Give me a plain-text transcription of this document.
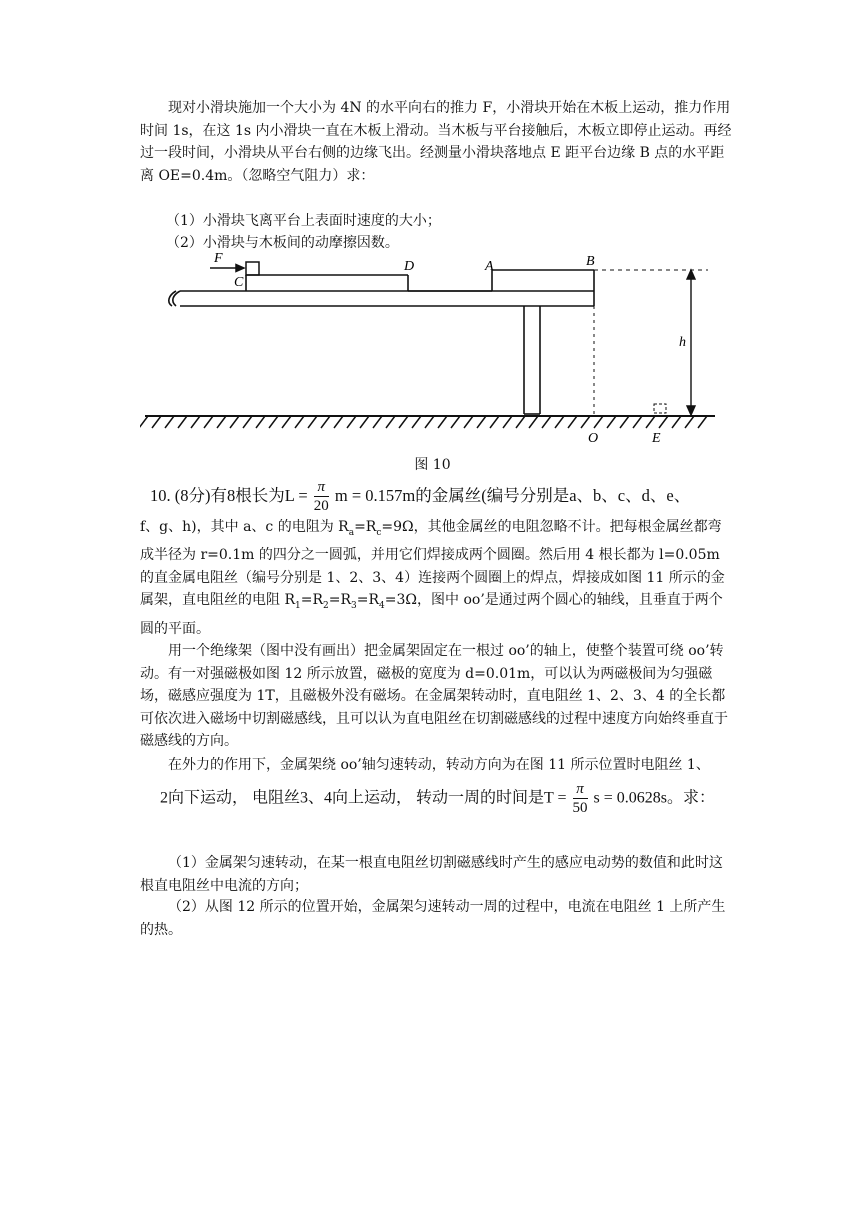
现对小滑块施加一个大小为 4N 的水平向右的推力 F，小滑块开始在木板上运动，推力作用时间 1s，在这 1s 内小滑块一直在木板上滑动。当木板与平台接触后，木板立即停止运动。再经过一段时间，小滑块从平台右侧的边缘飞出。经测量小滑块落地点 E 距平台边缘 B 点的水平距离 OE=0.4m。（忽略空气阻力）求：

（1）小滑块飞离平台上表面时速度的大小；

（2）小滑块与木板间的动摩擦因数。

F
C
D	A	B
h
O	E
图 10
10. (8分)有8根长为$L = \frac{\pi}{20}$ m = 0.157m的金属丝(编号分别是a、b、c、d、e、

f、g、h)，其中 a、c 的电阻为 $R_a=R_c=9\Omega$，其他金属丝的电阻忽略不计。把每根金属丝都弯成半径为 r=0.1m 的四分之一圆弧，并用它们焊接成两个圆圈。然后用 4 根长都为 l=0.05m 的直金属电阻丝（编号分别是 1、2、3、4）连接两个圆圈上的焊点，焊接成如图 11 所示的金属架，直电阻丝的电阻 $R_1=R_2=R_3=R_4=3\Omega$，图中 oo’是通过两个圆心的轴线，且垂直于两个圆的平面。

用一个绝缘架（图中没有画出）把金属架固定在一根过 oo’的轴上，使整个装置可绕 oo’转动。有一对强磁极如图 12 所示放置，磁极的宽度为 d=0.01m，可以认为两磁极间为匀强磁场，磁感应强度为 1T，且磁极外没有磁场。在金属架转动时，直电阻丝 1、2、3、4 的全长都可依次进入磁场中切割磁感线，且可以认为直电阻丝在切割磁感线的过程中速度方向始终垂直于磁感线的方向。

在外力的作用下，金属架绕 oo’轴匀速转动，转动方向为在图 11 所示位置时电阻丝 1、

2向下运动， 电阻丝3、4向上运动， 转动一周的时间是$T = \frac{\pi}{50}$ s = 0.0628s。求：

（1）金属架匀速转动，在某一根直电阻丝切割磁感线时产生的感应电动势的数值和此时这根直电阻丝中电流的方向；

（2）从图 12 所示的位置开始，金属架匀速转动一周的过程中，电流在电阻丝 1 上所产生的热。
